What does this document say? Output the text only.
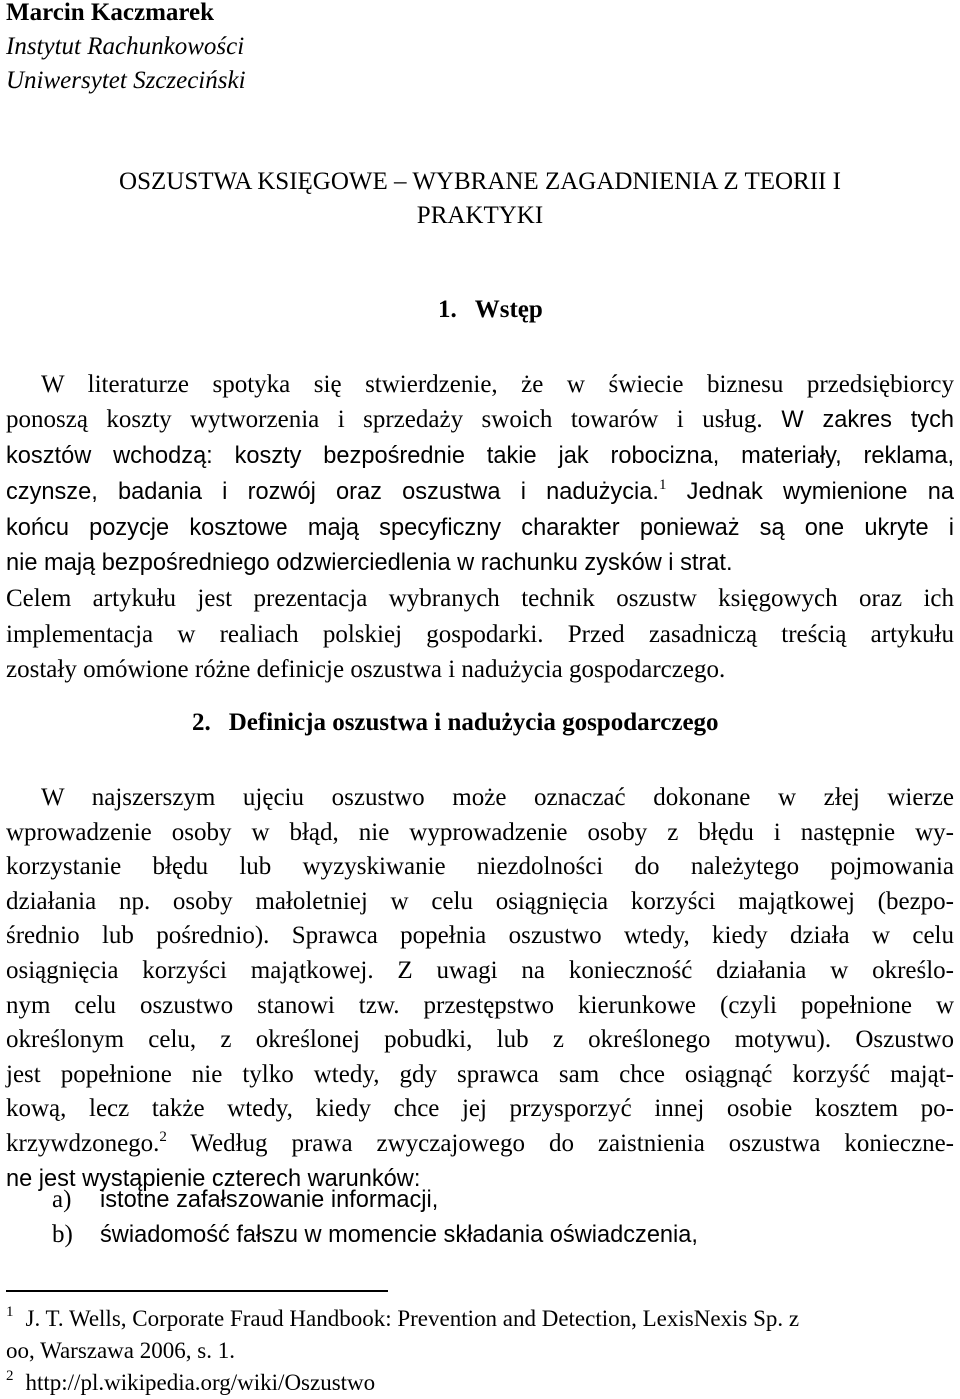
Marcin Kaczmarek
Instytut Rachunkowości
Uniwersytet Szczeciński
OSZUSTWA KSIĘGOWE – WYBRANE ZAGADNIENIA Z TEORII I
PRAKTYKI
1. Wstęp
W literaturze spotyka się stwierdzenie, że w świecie biznesu przedsiębiorcy
ponoszą koszty wytworzenia i sprzedaży swoich towarów i usług. W zakres tych
kosztów wchodzą: koszty bezpośrednie takie jak robocizna, materiały, reklama,
czynsze, badania i rozwój oraz oszustwa i nadużycia.$^1$ Jednak wymienione na
końcu pozycje kosztowe mają specyficzny charakter ponieważ są one ukryte i
nie mają bezpośredniego odzwierciedlenia w rachunku zysków i strat.
Celem artykułu jest prezentacja wybranych technik oszustw księgowych oraz ich
implementacja w realiach polskiej gospodarki. Przed zasadniczą treścią artykułu
zostały omówione różne definicje oszustwa i nadużycia gospodarczego.
2. Definicja oszustwa i nadużycia gospodarczego
W najszerszym ujęciu oszustwo może oznaczać dokonane w złej wierze
wprowadzenie osoby w błąd, nie wyprowadzenie osoby z błędu i następnie wy-
korzystanie błędu lub wyzyskiwanie niezdolności do należytego pojmowania
działania np. osoby małoletniej w celu osiągnięcia korzyści majątkowej (bezpo-
średnio lub pośrednio). Sprawca popełnia oszustwo wtedy, kiedy działa w celu
osiągnięcia korzyści majątkowej. Z uwagi na konieczność działania w określo-
nym celu oszustwo stanowi tzw. przestępstwo kierunkowe (czyli popełnione w
określonym celu, z określonej pobudki, lub z określonego motywu). Oszustwo
jest popełnione nie tylko wtedy, gdy sprawca sam chce osiągnąć korzyść mająt-
kową, lecz także wtedy, kiedy chce jej przysporzyć innej osobie kosztem po-
krzywdzonego.$^2$ Według prawa zwyczajowego do zaistnienia oszustwa konieczne-
ne jest wystąpienie czterech warunków:
a) istotne zafałszowanie informacji,
b) świadomość fałszu w momencie składania oświadczenia,
$^1$ J. T. Wells, Corporate Fraud Handbook: Prevention and Detection, LexisNexis Sp. z
oo, Warszawa 2006, s. 1.
$^2$ http://pl.wikipedia.org/wiki/Oszustwo
